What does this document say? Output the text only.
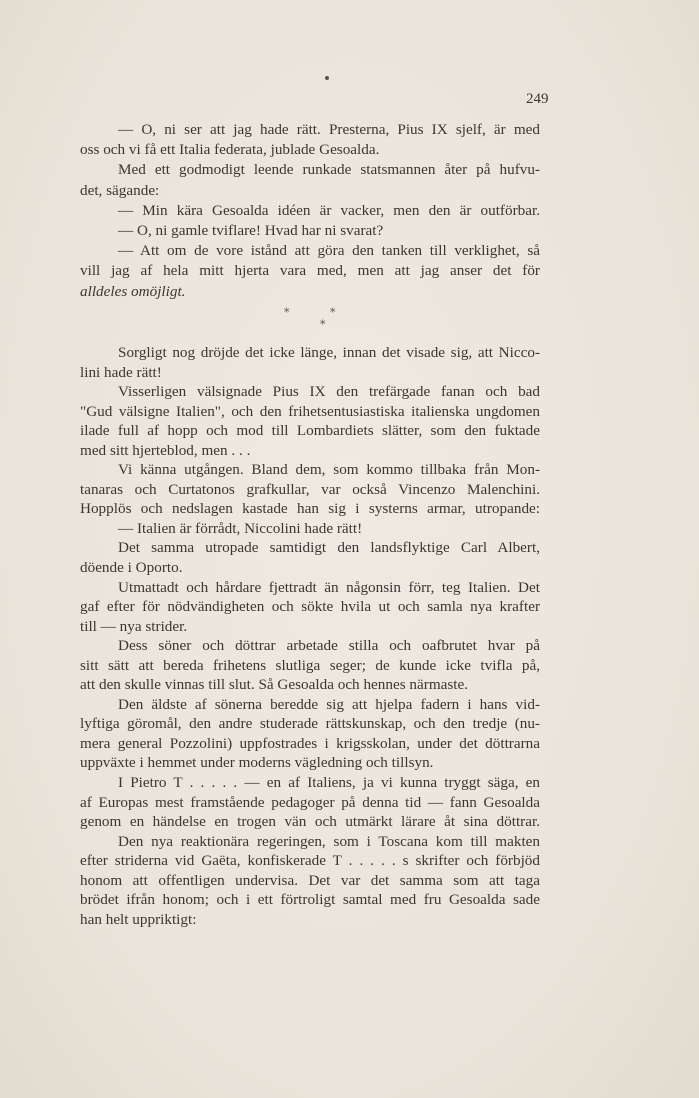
249
— O, ni ser att jag hade rätt. Presterna, Pius IX sjelf, är med
oss och vi få ett Italia federata, jublade Gesoalda.
Med ett godmodigt leende runkade statsmannen åter på hufvu-
det, sägande:
— Min kära Gesoalda idéen är vacker, men den är outförbar.
— O, ni gamle tviflare! Hvad har ni svarat?
— Att om de vore istånd att göra den tanken till verklighet, så
vill jag af hela mitt hjerta vara med, men att jag anser det för
alldeles omöjligt.
*	*
*
Sorgligt nog dröjde det icke länge, innan det visade sig, att Nicco-
lini hade rätt!
Visserligen välsignade Pius IX den trefärgade fanan och bad
"Gud välsigne Italien", och den frihetsentusiastiska italienska ungdomen
ilade full af hopp och mod till Lombardiets slätter, som den fuktade
med sitt hjerteblod, men . . .
Vi känna utgången. Bland dem, som kommo tillbaka från Mon-
tanaras och Curtatonos grafkullar, var också Vincenzo Malenchini.
Hopplös och nedslagen kastade han sig i systerns armar, utropande:
— Italien är förrådt, Niccolini hade rätt!
Det samma utropade samtidigt den landsflyktige Carl Albert,
döende i Oporto.
Utmattadt och hårdare fjettradt än någonsin förr, teg Italien. Det
gaf efter för nödvändigheten och sökte hvila ut och samla nya krafter
till — nya strider.
Dess söner och döttrar arbetade stilla och oafbrutet hvar på
sitt sätt att bereda frihetens slutliga seger; de kunde icke tvifla på,
att den skulle vinnas till slut. Så Gesoalda och hennes närmaste.
Den äldste af sönerna beredde sig att hjelpa fadern i hans vid-
lyftiga göromål, den andre studerade rättskunskap, och den tredje (nu-
mera general Pozzolini) uppfostrades i krigsskolan, under det döttrarna
uppväxte i hemmet under moderns vägledning och tillsyn.
I Pietro T . . . . . — en af Italiens, ja vi kunna tryggt säga, en
af Europas mest framstående pedagoger på denna tid — fann Gesoalda
genom en händelse en trogen vän och utmärkt lärare åt sina döttrar.
Den nya reaktionära regeringen, som i Toscana kom till makten
efter striderna vid Gaëta, konfiskerade T . . . . . s skrifter och förbjöd
honom att offentligen undervisa. Det var det samma som att taga
brödet ifrån honom; och i ett förtroligt samtal med fru Gesoalda sade
han helt uppriktigt:
